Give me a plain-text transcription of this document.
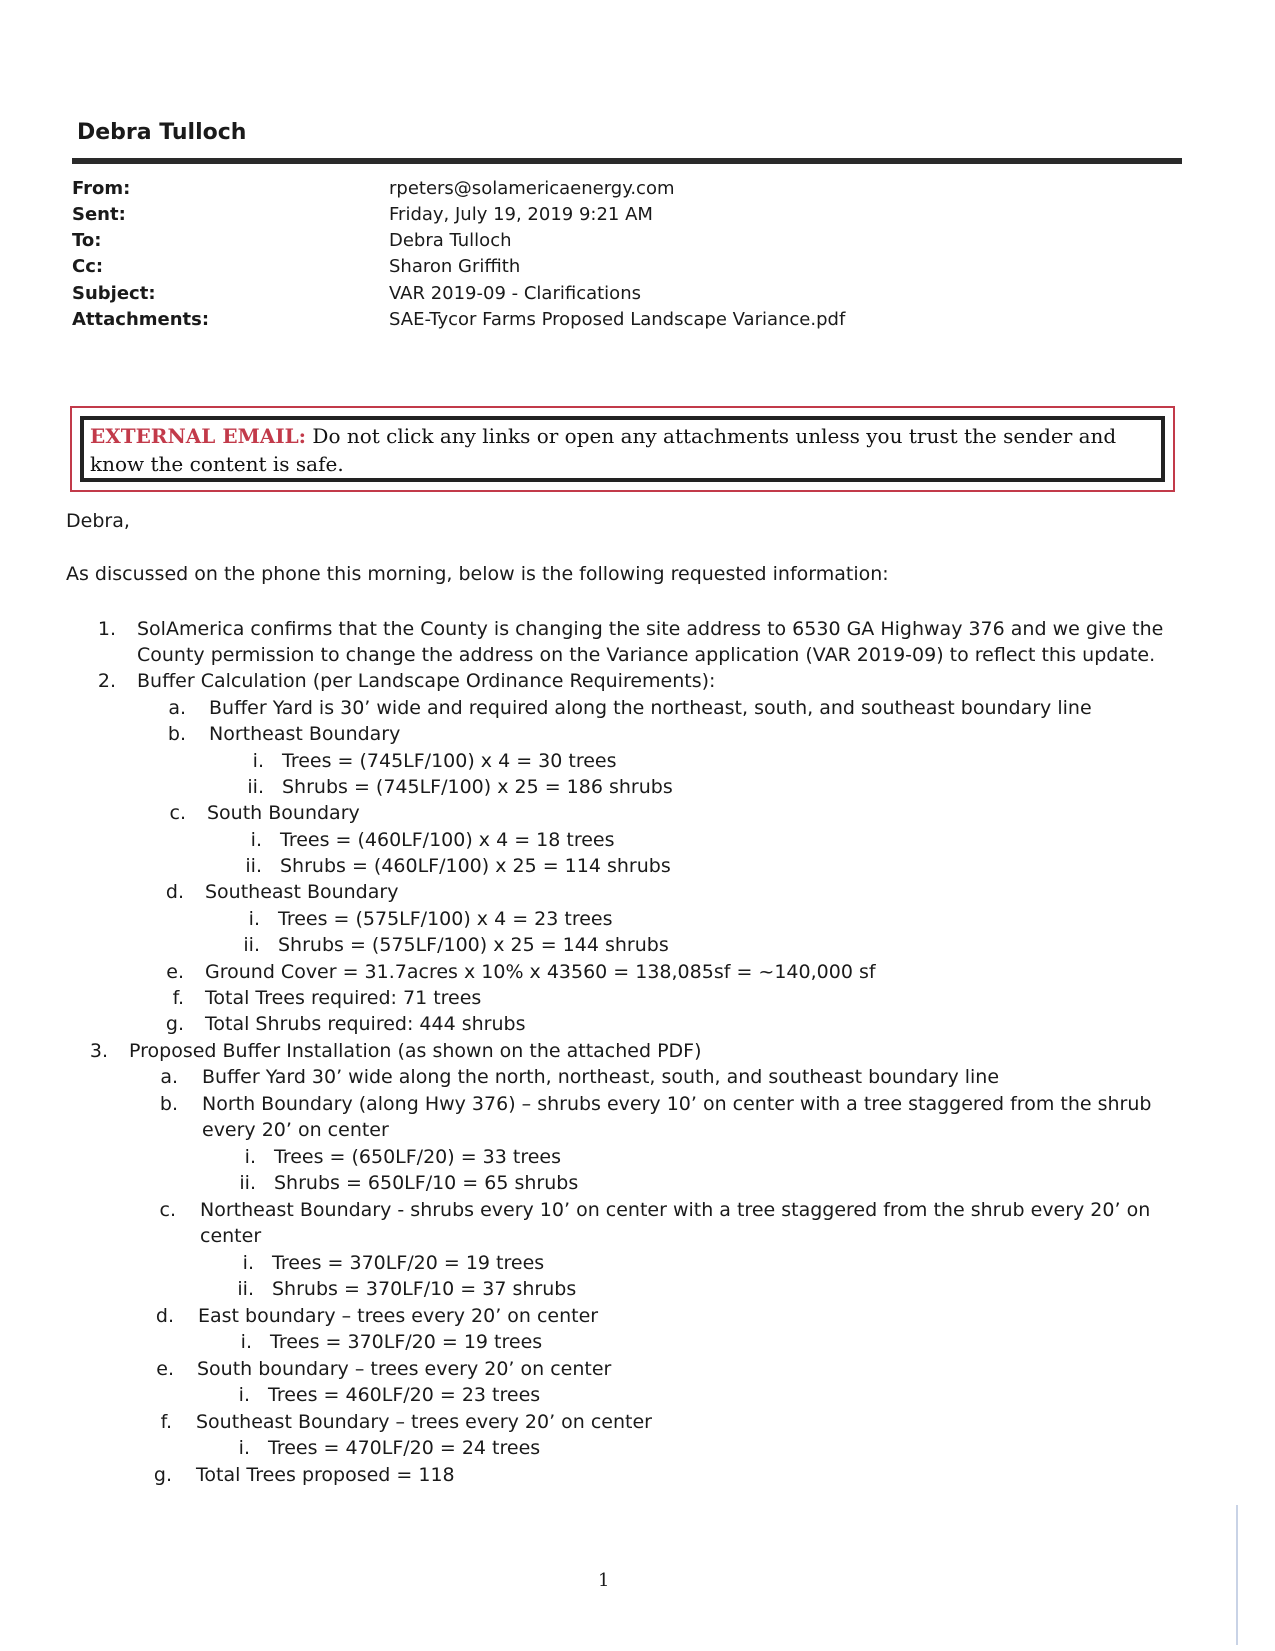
Debra Tulloch
From:	rpeters@solamericaenergy.com
Sent:	Friday, July 19, 2019 9:21 AM
To:	Debra Tulloch
Cc:	Sharon Griffith
Subject:	VAR 2019-09 - Clarifications
Attachments:	SAE-Tycor Farms Proposed Landscape Variance.pdf
EXTERNAL EMAIL: Do not click any links or open any attachments unless you trust the sender and know the content is safe.
Debra,
As discussed on the phone this morning, below is the following requested information:
1. SolAmerica confirms that the County is changing the site address to 6530 GA Highway 376 and we give the
County permission to change the address on the Variance application (VAR 2019-09) to reflect this update.
2. Buffer Calculation (per Landscape Ordinance Requirements):
a. Buffer Yard is 30’ wide and required along the northeast, south, and southeast boundary line
b. Northeast Boundary
i. Trees = (745LF/100) x 4 = 30 trees
ii. Shrubs = (745LF/100) x 25 = 186 shrubs
c. South Boundary
i. Trees = (460LF/100) x 4 = 18 trees
ii. Shrubs = (460LF/100) x 25 = 114 shrubs
d. Southeast Boundary
i. Trees = (575LF/100) x 4 = 23 trees
ii. Shrubs = (575LF/100) x 25 = 144 shrubs
e. Ground Cover = 31.7acres x 10% x 43560 = 138,085sf = ~140,000 sf
f. Total Trees required: 71 trees
g. Total Shrubs required: 444 shrubs
3. Proposed Buffer Installation (as shown on the attached PDF)
a. Buffer Yard 30’ wide along the north, northeast, south, and southeast boundary line
b. North Boundary (along Hwy 376) – shrubs every 10’ on center with a tree staggered from the shrub
every 20’ on center
i. Trees = (650LF/20) = 33 trees
ii. Shrubs = 650LF/10 = 65 shrubs
c. Northeast Boundary - shrubs every 10’ on center with a tree staggered from the shrub every 20’ on
center
i. Trees = 370LF/20 = 19 trees
ii. Shrubs = 370LF/10 = 37 shrubs
d. East boundary – trees every 20’ on center
i. Trees = 370LF/20 = 19 trees
e. South boundary – trees every 20’ on center
i. Trees = 460LF/20 = 23 trees
f. Southeast Boundary – trees every 20’ on center
i. Trees = 470LF/20 = 24 trees
g. Total Trees proposed = 118
1
